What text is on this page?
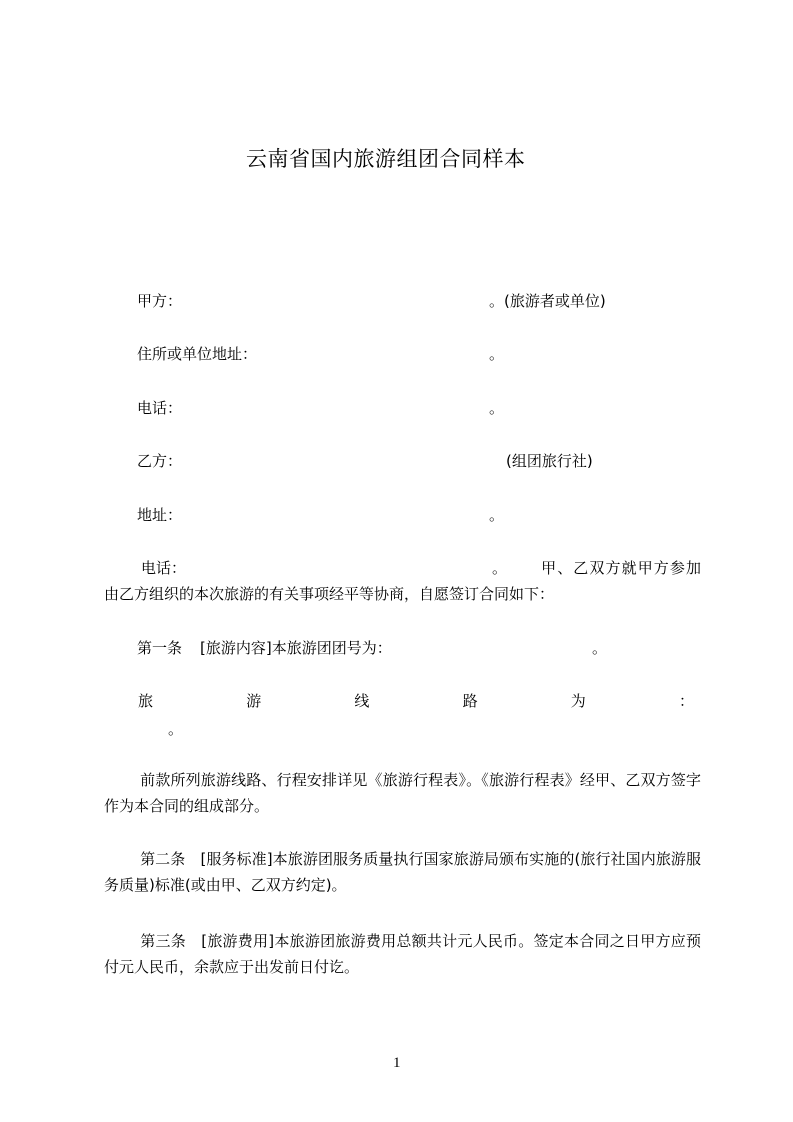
云南省国内旅游组团合同样本
甲方：	。(旅游者或单位)
住所或单位地址：	。
电话：	。
乙方：	(组团旅行社)
地址：	。
电话：	。	甲、乙双方就甲方参加由乙方组织的本次旅游的有关事项经平等协商，自愿签订合同如下：
第一条 [旅游内容]本旅游团团号为：	。
旅	游	线	路	为	：
。
前款所列旅游线路、行程安排详见《旅游行程表》。《旅游行程表》经甲、乙双方签字作为本合同的组成部分。
第二条　[服务标准]本旅游团服务质量执行国家旅游局颁布实施的(旅行社国内旅游服务质量)标准(或由甲、乙双方约定)。
第三条　[旅游费用]本旅游团旅游费用总额共计元人民币。签定本合同之日甲方应预付元人民币，余款应于出发前日付讫。
1
